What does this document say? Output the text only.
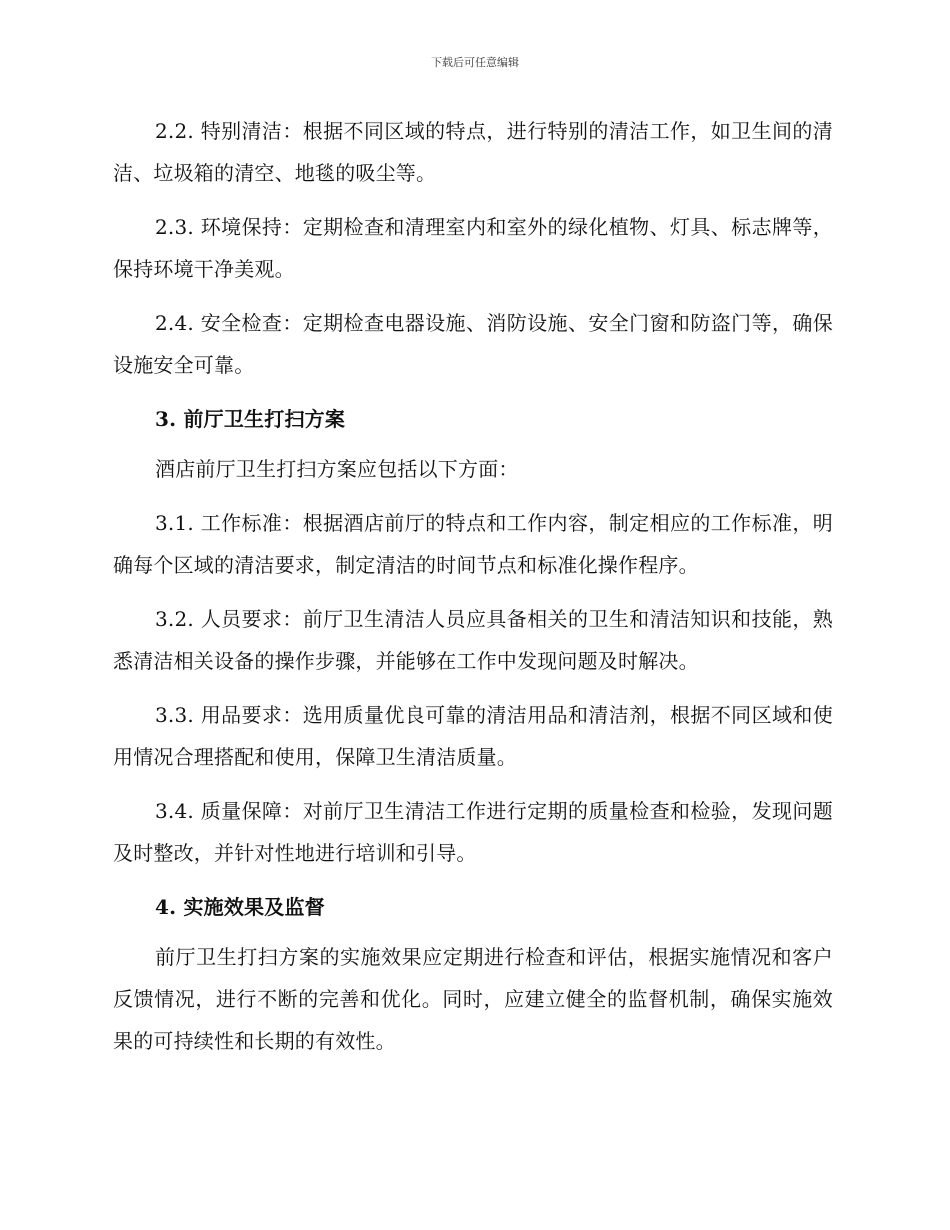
下载后可任意编辑

2.2. 特别清洁：根据不同区域的特点，进行特别的清洁工作，如卫生间的清洁、垃圾箱的清空、地毯的吸尘等。

2.3. 环境保持：定期检查和清理室内和室外的绿化植物、灯具、标志牌等，保持环境干净美观。

2.4. 安全检查：定期检查电器设施、消防设施、安全门窗和防盗门等，确保设施安全可靠。

3. 前厅卫生打扫方案

酒店前厅卫生打扫方案应包括以下方面：

3.1. 工作标准：根据酒店前厅的特点和工作内容，制定相应的工作标准，明确每个区域的清洁要求，制定清洁的时间节点和标准化操作程序。

3.2. 人员要求：前厅卫生清洁人员应具备相关的卫生和清洁知识和技能，熟悉清洁相关设备的操作步骤，并能够在工作中发现问题及时解决。

3.3. 用品要求：选用质量优良可靠的清洁用品和清洁剂，根据不同区域和使用情况合理搭配和使用，保障卫生清洁质量。

3.4. 质量保障：对前厅卫生清洁工作进行定期的质量检查和检验，发现问题及时整改，并针对性地进行培训和引导。

4. 实施效果及监督

前厅卫生打扫方案的实施效果应定期进行检查和评估，根据实施情况和客户反馈情况，进行不断的完善和优化。同时，应建立健全的监督机制，确保实施效果的可持续性和长期的有效性。
